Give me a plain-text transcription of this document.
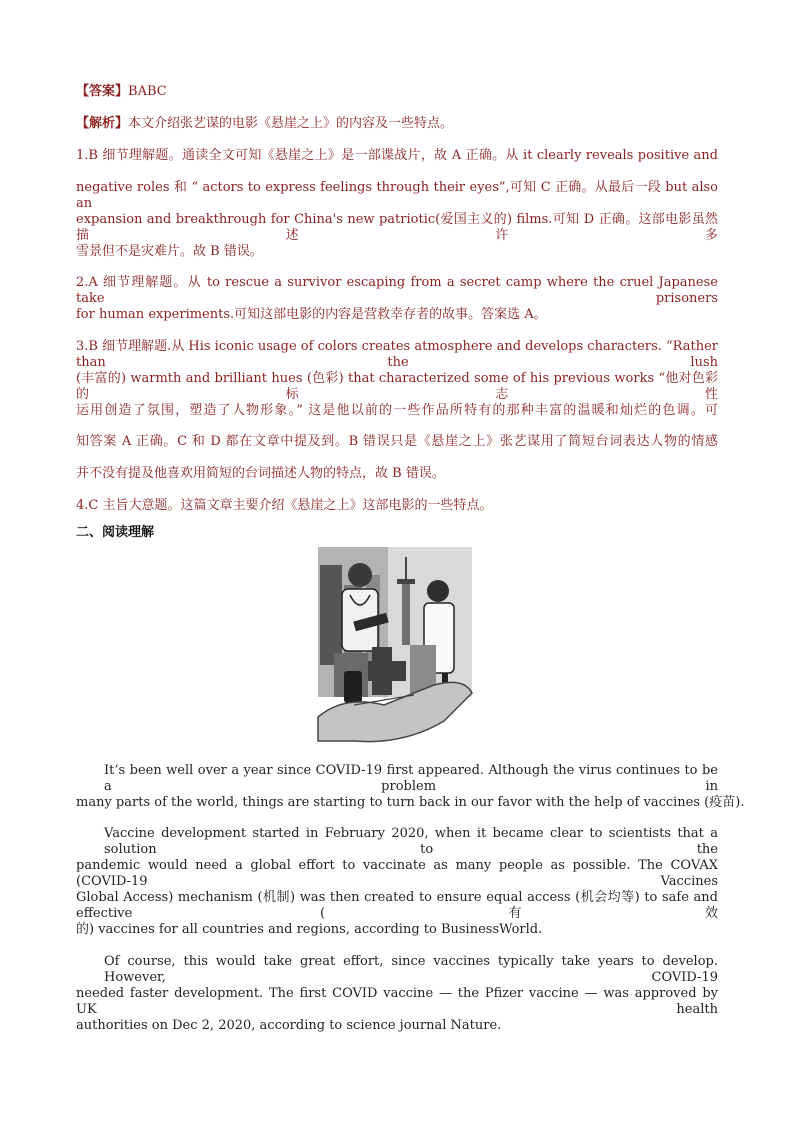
【答案】BABC
【解析】本文介绍张艺谋的电影《悬崖之上》的内容及一些特点。
1.B 细节理解题。通读全文可知《悬崖之上》是一部谍战片，故 A 正确。从 it clearly reveals positive and
negative roles 和 “ actors to express feelings through their eyes”,可知 C 正确。从最后一段 but also an
expansion and breakthrough for China's new patriotic(爱国主义的) films.可知 D 正确。这部电影虽然描述许多
雪景但不是灾难片。故 B 错误。
2.A 细节理解题。从 to rescue a survivor escaping from a secret camp where the cruel Japanese take prisoners
for human experiments.可知这部电影的内容是营救幸存者的故事。答案选 A。
3.B 细节理解题.从 His iconic usage of colors creates atmosphere and develops characters. “Rather than the lush
(丰富的) warmth and brilliant hues (色彩) that characterized some of his previous works “他对色彩的标志性
运用创造了氛围，塑造了人物形象。” 这是他以前的一些作品所特有的那种丰富的温暖和灿烂的色调。可
知答案 A 正确。C 和 D 都在文章中提及到。B 错误只是《悬崖之上》张艺谋用了简短台词表达人物的情感
并不没有提及他喜欢用简短的台词描述人物的特点，故 B 错误。
4.C 主旨大意题。这篇文章主要介绍《悬崖之上》这部电影的一些特点。
二、阅读理解
It’s been well over a year since COVID-19 first appeared. Although the virus continues to be a problem in
many parts of the world, things are starting to turn back in our favor with the help of vaccines (疫苗).
Vaccine development started in February 2020, when it became clear to scientists that a solution to the
pandemic would need a global effort to vaccinate as many people as possible. The COVAX (COVID-19 Vaccines
Global Access) mechanism (机制) was then created to ensure equal access (机会均等) to safe and effective (有效
的) vaccines for all countries and regions, according to BusinessWorld.
Of course, this would take great effort, since vaccines typically take years to develop. However, COVID-19
needed faster development. The first COVID vaccine — the Pfizer vaccine — was approved by UK health
authorities on Dec 2, 2020, according to science journal Nature.
